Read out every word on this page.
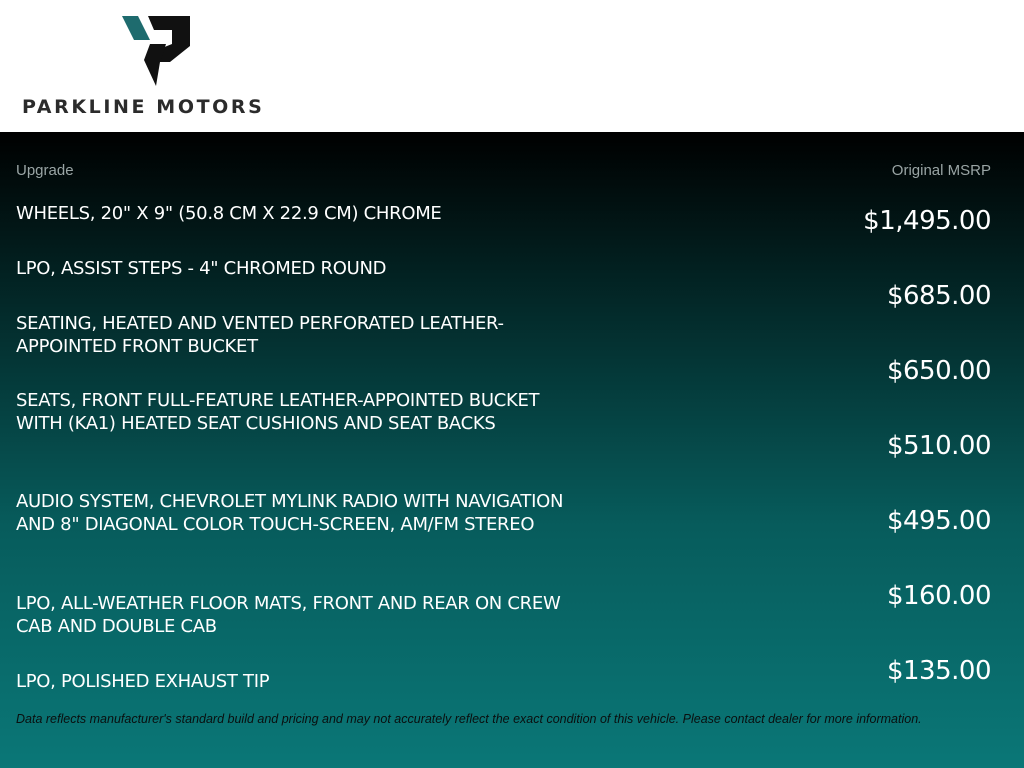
PARKLINE MOTORS
Upgrade	Original MSRP
WHEELS, 20" X 9" (50.8 CM X 22.9 CM) CHROME
LPO, ASSIST STEPS - 4" CHROMED ROUND
SEATING, HEATED AND VENTED PERFORATED LEATHER-APPOINTED FRONT BUCKET
SEATS, FRONT FULL-FEATURE LEATHER-APPOINTED BUCKET WITH (KA1) HEATED SEAT CUSHIONS AND SEAT BACKS
AUDIO SYSTEM, CHEVROLET MYLINK RADIO WITH NAVIGATION AND 8" DIAGONAL COLOR TOUCH-SCREEN, AM/FM STEREO
LPO, ALL-WEATHER FLOOR MATS, FRONT AND REAR ON CREW CAB AND DOUBLE CAB
LPO, POLISHED EXHAUST TIP
$1,495.00
$685.00
$650.00
$510.00
$495.00
$160.00
$135.00
Data reflects manufacturer's standard build and pricing and may not accurately reflect the exact condition of this vehicle. Please contact dealer for more information.
